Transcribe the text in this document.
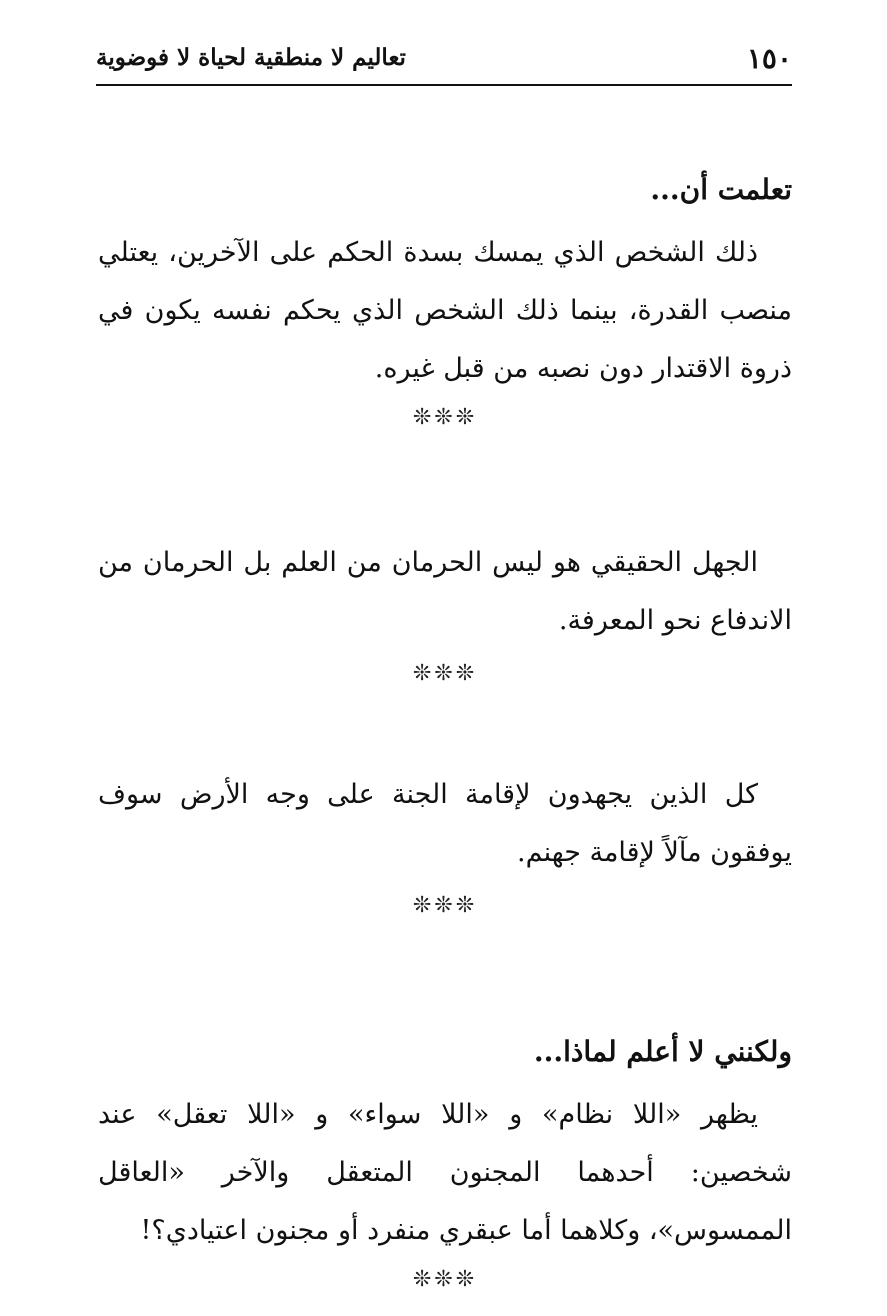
١٥٠
تعاليم لا منطقية لحياة لا فوضوية
تعلمت أن...

ذلك الشخص الذي يمسك بسدة الحكم على الآخرين، يعتلي منصب القدرة، بينما ذلك الشخص الذي يحكم نفسه يكون في ذروة الاقتدار دون نصبه من قبل غيره.

❊❊❊

الجهل الحقيقي هو ليس الحرمان من العلم بل الحرمان من الاندفاع نحو المعرفة.

❊❊❊

كل الذين يجهدون لإقامة الجنة على وجه الأرض سوف يوفقون مآلاً لإقامة جهنم.

❊❊❊
ولكنني لا أعلم لماذا...

يظهر «اللا نظام» و «اللا سواء» و «اللا تعقل» عند شخصين: أحدهما المجنون المتعقل والآخر «العاقل الممسوس»، وكلاهما أما عبقري منفرد أو مجنون اعتيادي؟!

❊❊❊
